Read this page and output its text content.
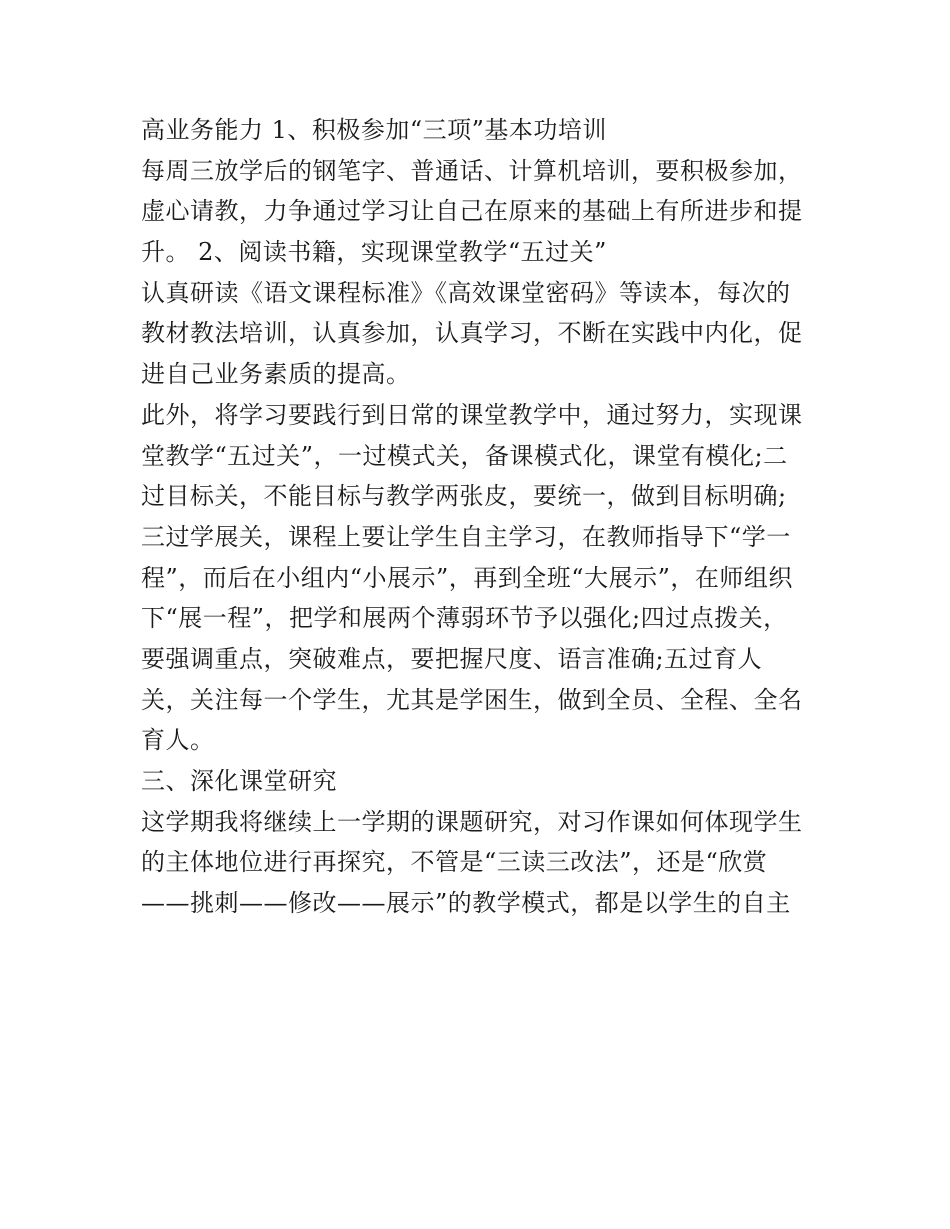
高业务能力 1、积极参加“三项”基本功培训
每周三放学后的钢笔字、普通话、计算机培训，要积极参加，
虚心请教，力争通过学习让自己在原来的基础上有所进步和提
升。 2、阅读书籍，实现课堂教学“五过关”
认真研读《语文课程标准》《高效课堂密码》等读本，每次的
教材教法培训，认真参加，认真学习，不断在实践中内化，促
进自己业务素质的提高。
此外，将学习要践行到日常的课堂教学中，通过努力，实现课
堂教学“五过关”，一过模式关，备课模式化，课堂有模化;二
过目标关，不能目标与教学两张皮，要统一，做到目标明确;
三过学展关，课程上要让学生自主学习，在教师指导下“学一
程”，而后在小组内“小展示”，再到全班“大展示”，在师组织
下“展一程”，把学和展两个薄弱环节予以强化;四过点拨关，
要强调重点，突破难点，要把握尺度、语言准确;五过育人
关，关注每一个学生，尤其是学困生，做到全员、全程、全名
育人。
三、深化课堂研究
这学期我将继续上一学期的课题研究，对习作课如何体现学生
的主体地位进行再探究，不管是“三读三改法”，还是“欣赏
——挑刺——修改——展示”的教学模式，都是以学生的自主
